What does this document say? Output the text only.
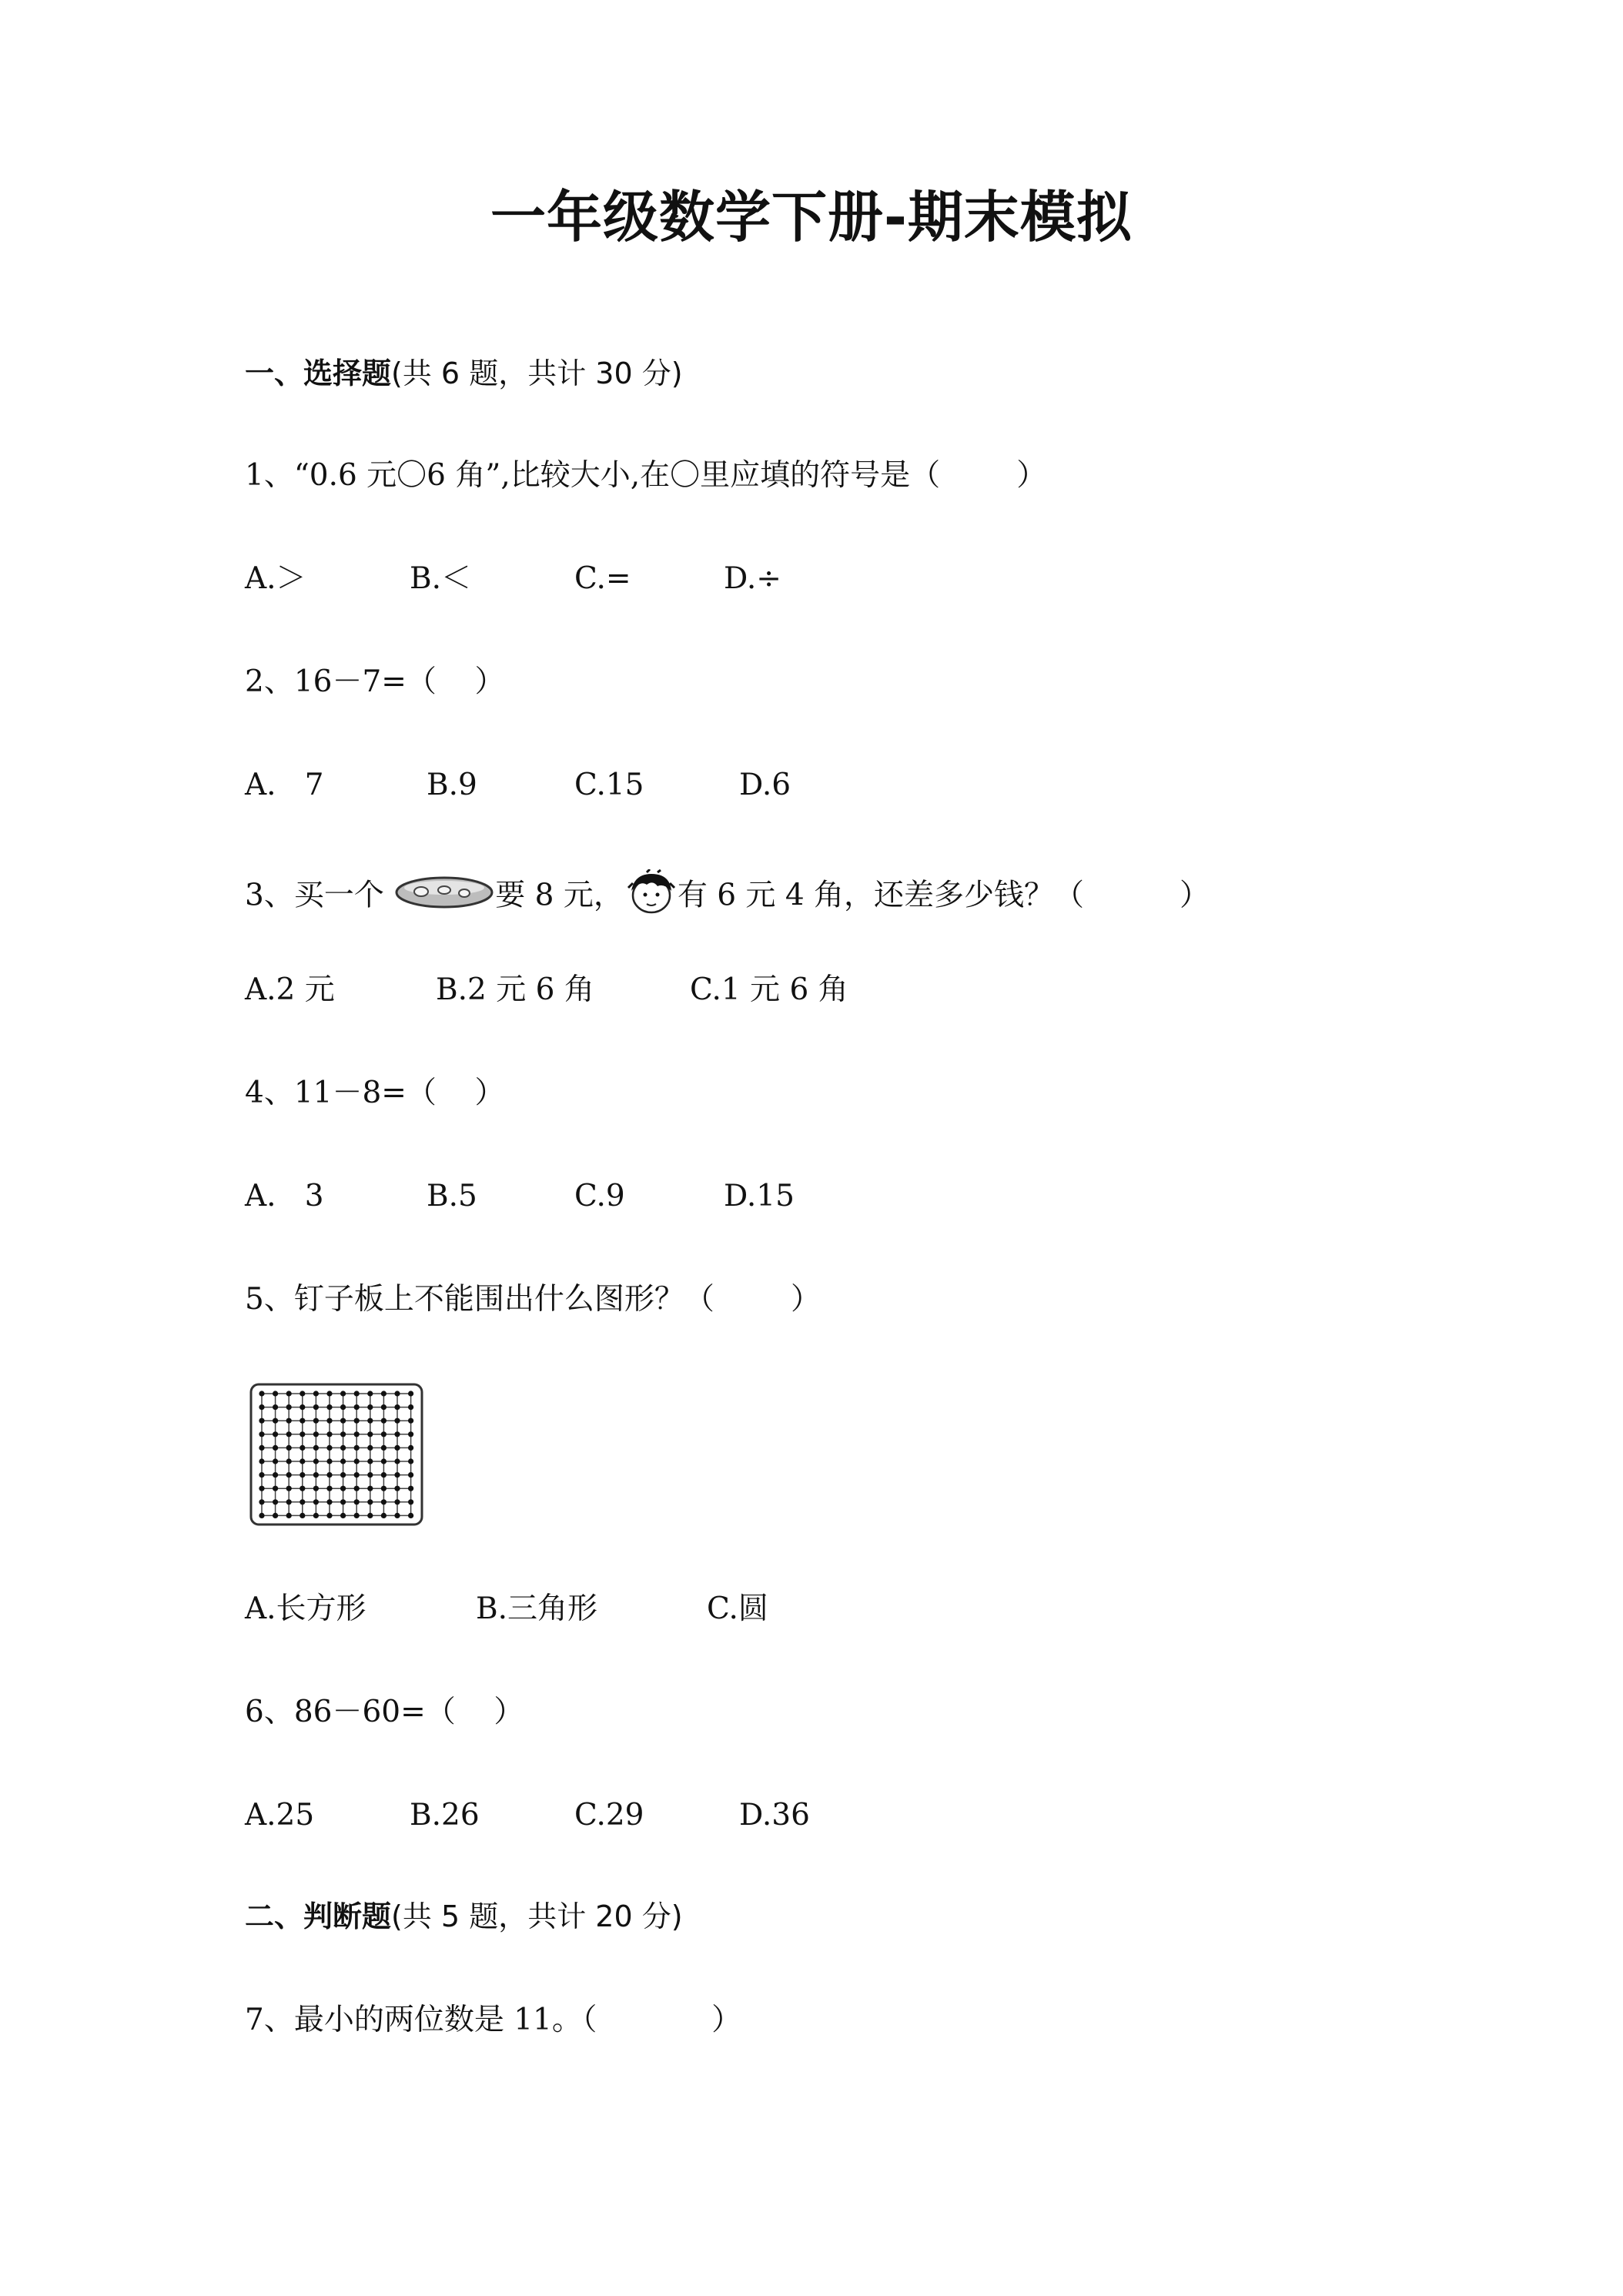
一年级数学下册-期末模拟
一、选择题(共 6 题，共计 30 分)
1、“0.6 元〇6 角”,比较大小,在〇里应填的符号是（        ）
A.＞	B.＜	C.=	D.÷
2、16－7=（    ）
A.   7	B.9	C.15	D.6
3、买一个	要 8 元， 有 6 元 4 角，还差多少钱？（          ）
A.2 元	B.2 元 6 角	C.1 元 6 角
4、11－8=（    ）
A.   3	B.5	C.9	D.15
5、钉子板上不能围出什么图形？（        ）
A.长方形	B.三角形	C.圆
6、86－60=（    ）
A.25	B.26	C.29	D.36
二、判断题(共 5 题，共计 20 分)
7、最小的两位数是 11。（            ）
